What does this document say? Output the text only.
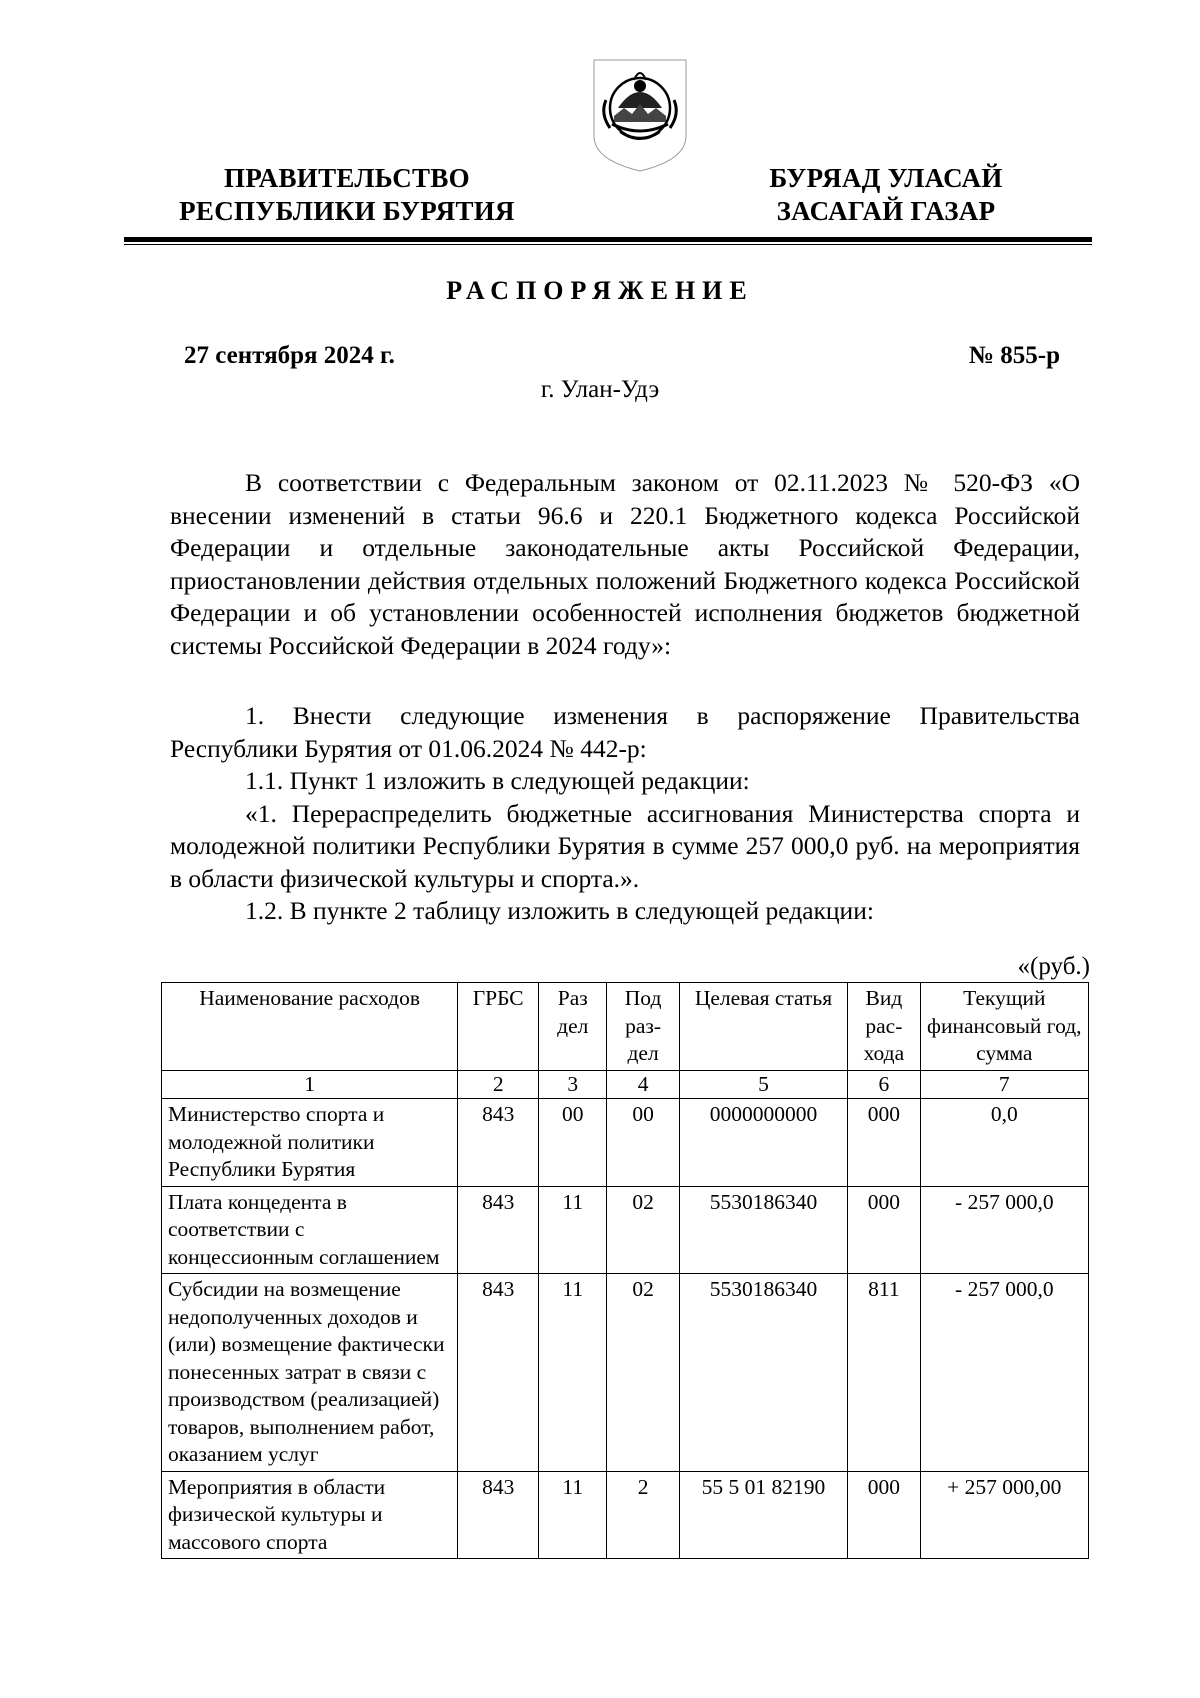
ПРАВИТЕЛЬСТВО
РЕСПУБЛИКИ БУРЯТИЯ
БУРЯАД УЛАСАЙ
ЗАСАГАЙ ГАЗАР
РАСПОРЯЖЕНИЕ
27 сентября 2024 г.	№ 855-р
г. Улан-Удэ

В соответствии с Федеральным законом от 02.11.2023 № 520-ФЗ «О внесении изменений в статьи 96.6 и 220.1 Бюджетного кодекса Российской Федерации и отдельные законодательные акты Российской Федерации, приостановлении действия отдельных положений Бюджетного кодекса Российской Федерации и об установлении особенностей исполнения бюджетов бюджетной системы Российской Федерации в 2024 году»:

1. Внести следующие изменения в распоряжение Правительства Республики Бурятия от 01.06.2024 № 442-р:

1.1. Пункт 1 изложить в следующей редакции:

«1. Перераспределить бюджетные ассигнования Министерства спорта и молодежной политики Республики Бурятия в сумме 257 000,0 руб. на мероприятия в области физической культуры и спорта.».

1.2. В пункте 2 таблицу изложить в следующей редакции:

«(руб.)
Наименование расходов	ГРБС	Раз дел	Под раз- дел	Целевая статья	Вид рас- хода	Текущий финансовый год, сумма
1	2	3	4	5	6	7
Министерство спорта и молодежной политики Республики Бурятия	843	00	00	0000000000	000	0,0
Плата концедента в соответствии с концессионным соглашением	843	11	02	5530186340	000	- 257 000,0
Субсидии на возмещение недополученных доходов и (или) возмещение фактически понесенных затрат в связи с производством (реализацией) товаров, выполнением работ, оказанием услуг	843	11	02	5530186340	811	- 257 000,0
Мероприятия в области физической культуры и массового спорта	843	11	2	55 5 01 82190	000	+ 257 000,00
